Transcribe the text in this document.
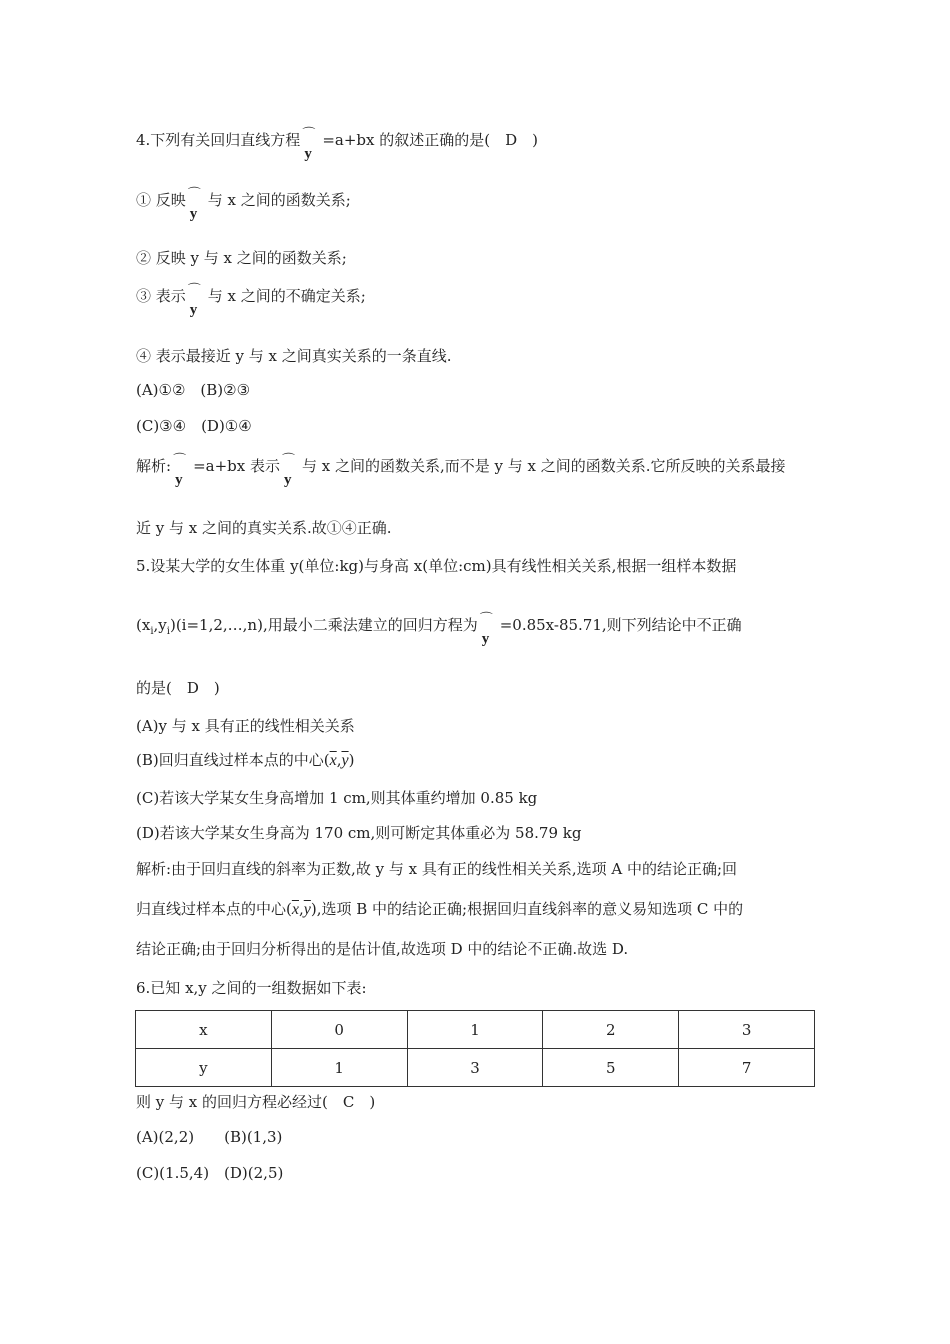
4.下列有关回归直线方程 ⌒
y
=a+bx 的叙述正确的是(　D　)
① 反映 ⌒
y
与 x 之间的函数关系;
② 反映 y 与 x 之间的函数关系;
③ 表示 ⌒
y
与 x 之间的不确定关系;
④ 表示最接近 y 与 x 之间真实关系的一条直线.
(A)①②　(B)②③
(C)③④　(D)①④
解析: ⌒
y
=a+bx 表示 ⌒
y
与 x 之间的函数关系,而不是 y 与 x 之间的函数关系.它所反映的关系最接
近 y 与 x 之间的真实关系.故①④正确.
5.设某大学的女生体重 y(单位:kg)与身高 x(单位:cm)具有线性相关关系,根据一组样本数据
$(x_i,y_i)(i=1,2,\dots,n)$,用最小二乘法建立的回归方程为 ⌒
y
=0.85x-85.71,则下列结论中不正确
的是(　D　)
(A)y 与 x 具有正的线性相关关系
(B)回归直线过样本点的中心$(\overline{x},\overline{y})$
(C)若该大学某女生身高增加 1 cm,则其体重约增加 0.85 kg
(D)若该大学某女生身高为 170 cm,则可断定其体重必为 58.79 kg
解析:由于回归直线的斜率为正数,故 y 与 x 具有正的线性相关关系,选项 A 中的结论正确;回
归直线过样本点的中心$(\overline{x},\overline{y})$,选项 B 中的结论正确;根据回归直线斜率的意义易知选项 C 中的
结论正确;由于回归分析得出的是估计值,故选项 D 中的结论不正确.故选 D.
6.已知 x,y 之间的一组数据如下表:
x	0	1	2	3
y	1	3	5	7
则 y 与 x 的回归方程必经过(　C　)
(A)(2,2)　　(B)(1,3)
(C)(1.5,4)　(D)(2,5)
